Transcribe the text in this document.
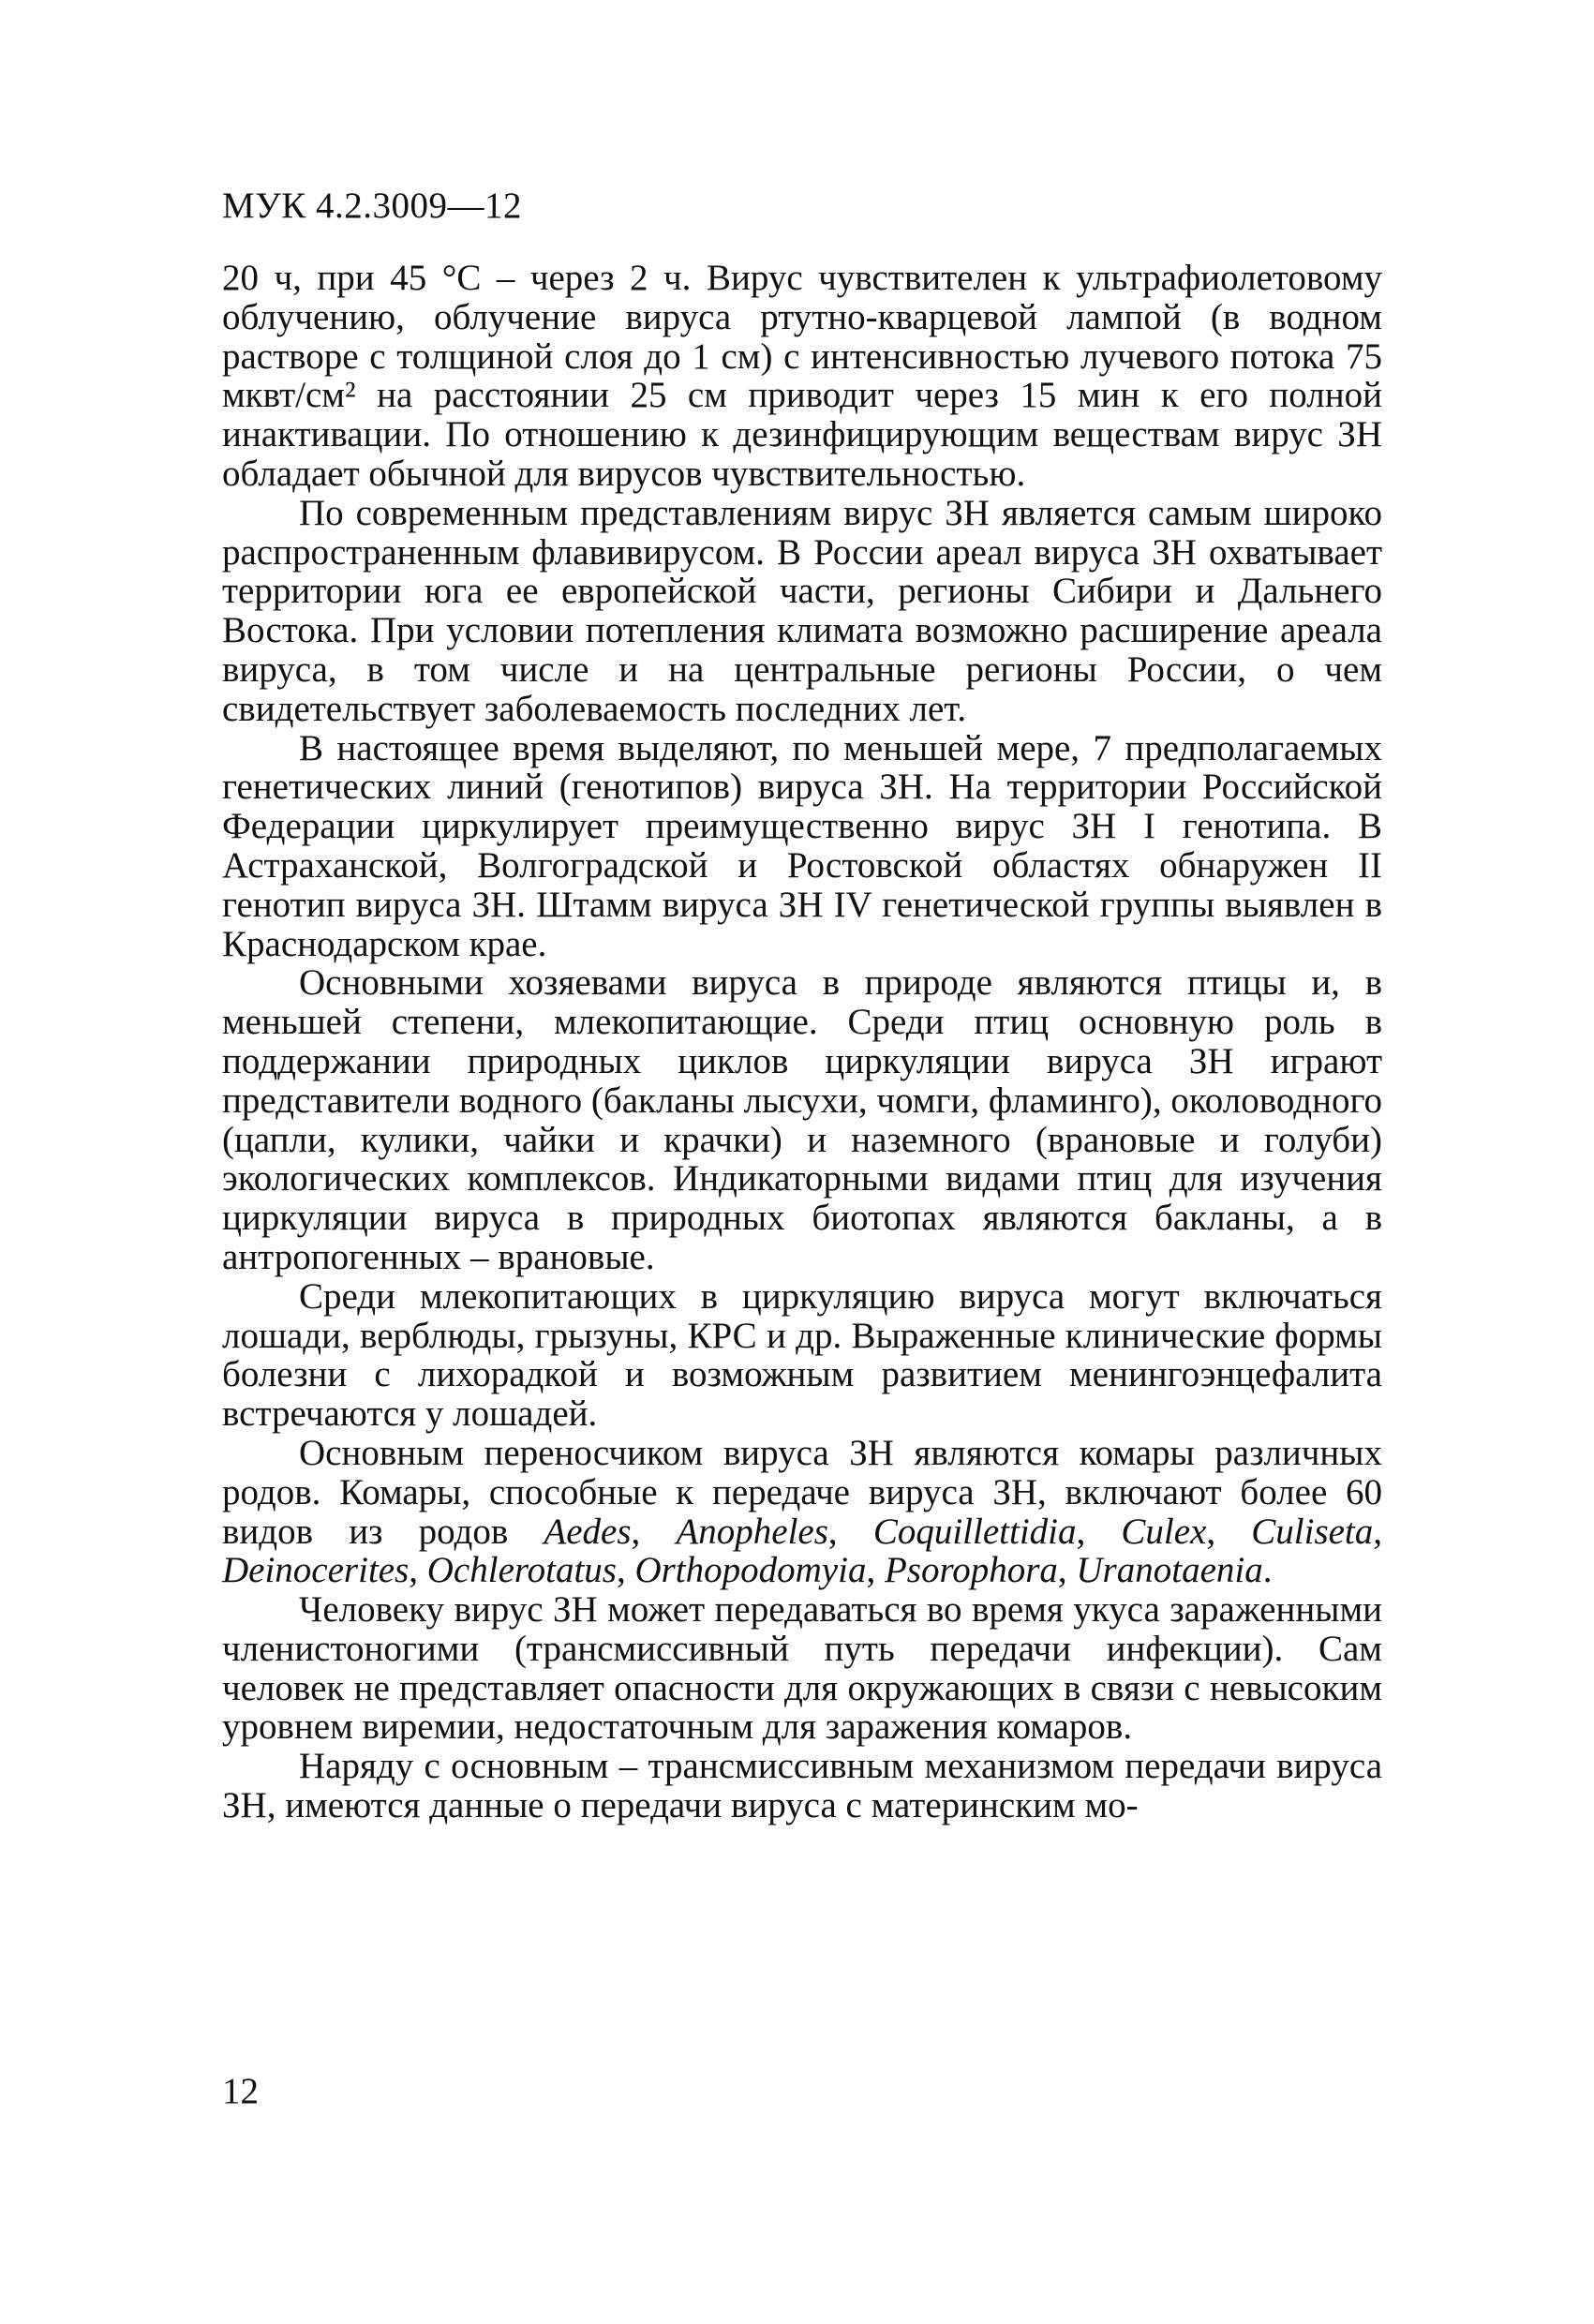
МУК 4.2.3009—12

20 ч, при 45 °С – через 2 ч. Вирус чувствителен к ультрафиолетовому облучению, облучение вируса ртутно-кварцевой лампой (в водном растворе с толщиной слоя до 1 см) с интенсивностью лучевого потока 75 мквт/см² на расстоянии 25 см приводит через 15 мин к его полной инактивации. По отношению к дезинфицирующим веществам вирус ЗН обладает обычной для вирусов чувствительностью.

По современным представлениям вирус ЗН является самым широко распространенным флавивирусом. В России ареал вируса ЗН охватывает территории юга ее европейской части, регионы Сибири и Дальнего Востока. При условии потепления климата возможно расширение ареала вируса, в том числе и на центральные регионы России, о чем свидетельствует заболеваемость последних лет.

В настоящее время выделяют, по меньшей мере, 7 предполагаемых генетических линий (генотипов) вируса ЗН. На территории Российской Федерации циркулирует преимущественно вирус ЗН I генотипа. В Астраханской, Волгоградской и Ростовской областях обнаружен II генотип вируса ЗН. Штамм вируса ЗН IV генетической группы выявлен в Краснодарском крае.

Основными хозяевами вируса в природе являются птицы и, в меньшей степени, млекопитающие. Среди птиц основную роль в поддержании природных циклов циркуляции вируса ЗН играют представители водного (бакланы лысухи, чомги, фламинго), околоводного (цапли, кулики, чайки и крачки) и наземного (врановые и голуби) экологических комплексов. Индикаторными видами птиц для изучения циркуляции вируса в природных биотопах являются бакланы, а в антропогенных – врановые.

Среди млекопитающих в циркуляцию вируса могут включаться лошади, верблюды, грызуны, КРС и др. Выраженные клинические формы болезни с лихорадкой и возможным развитием менингоэнцефалита встречаются у лошадей.

Основным переносчиком вируса ЗН являются комары различных родов. Комары, способные к передаче вируса ЗН, включают более 60 видов из родов Aedes, Anopheles, Coquillettidia, Culex, Culiseta, Deinocerites, Ochlerotatus, Orthopodomyia, Psorophora, Uranotaenia.

Человеку вирус ЗН может передаваться во время укуса зараженными членистоногими (трансмиссивный путь передачи инфекции). Сам человек не представляет опасности для окружающих в связи с невысоким уровнем виремии, недостаточным для заражения комаров.

Наряду с основным – трансмиссивным механизмом передачи вируса ЗН, имеются данные о передачи вируса с материнским мо-

12
